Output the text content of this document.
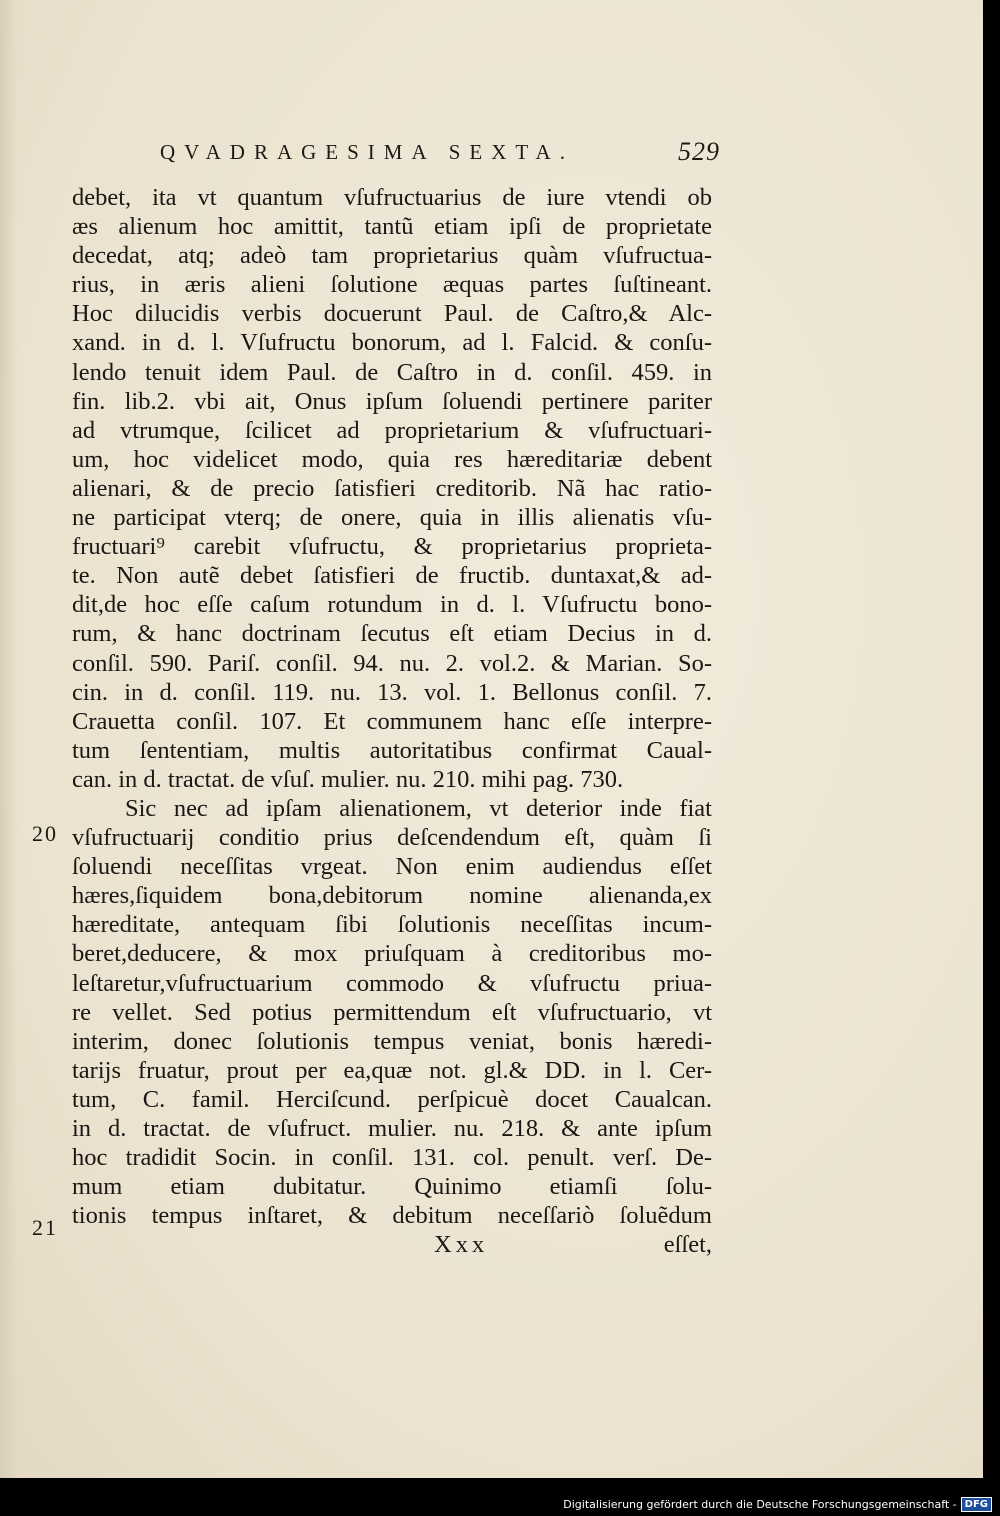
QVADRAGESIMA SEXTA.	529
20
21
debet, ita vt quantum vſufructuarius de iure vtendi ob
æs alienum hoc amittit, tantũ etiam ipſi de proprietate
decedat, atq; adeò tam proprietarius quàm vſufructua-
rius, in æris alieni ſolutione æquas partes ſuſtineant.
Hoc dilucidis verbis docuerunt Paul. de Caſtro,& Alc-
xand. in d. l. Vſufructu bonorum, ad l. Falcid. & conſu-
lendo tenuit idem Paul. de Caſtro in d. conſil. 459. in
fin. lib.2. vbi ait, Onus ipſum ſoluendi pertinere pariter
ad vtrumque, ſcilicet ad proprietarium & vſufructuari-
um, hoc videlicet modo, quia res hæreditariæ debent
alienari, & de precio ſatisfieri creditorib. Nã hac ratio-
ne participat vterq; de onere, quia in illis alienatis vſu-
fructuari⁹ carebit vſufructu, & proprietarius proprieta-
te. Non autẽ debet ſatisfieri de fructib. duntaxat,& ad-
dit,de hoc eſſe caſum rotundum in d. l. Vſufructu bono-
rum, & hanc doctrinam ſecutus eſt etiam Decius in d.
conſil. 590. Pariſ. conſil. 94. nu. 2. vol.2. & Marian. So-
cin. in d. conſil. 119. nu. 13. vol. 1. Bellonus conſil. 7.
Crauetta conſil. 107. Et communem hanc eſſe interpre-
tum ſententiam, multis autoritatibus confirmat Caual-
can. in d. tractat. de vſuſ. mulier. nu. 210. mihi pag. 730.
Sic nec ad ipſam alienationem, vt deterior inde fiat
vſufructuarij conditio prius deſcendendum eſt, quàm ſi
ſoluendi neceſſitas vrgeat. Non enim audiendus eſſet
hæres,ſiquidem bona,debitorum nomine alienanda,ex
hæreditate, antequam ſibi ſolutionis neceſſitas incum-
beret,deducere, & mox priuſquam à creditoribus mo-
leſtaretur,vſufructuarium commodo & vſufructu priua-
re vellet. Sed potius permittendum eſt vſufructuario, vt
interim, donec ſolutionis tempus veniat, bonis hæredi-
tarijs fruatur, prout per ea,quæ not. gl.& DD. in l. Cer-
tum, C. famil. Herciſcund. perſpicuè docet Caualcan.
in d. tractat. de vſufruct. mulier. nu. 218. & ante ipſum
hoc tradidit Socin. in conſil. 131. col. penult. verſ. De-
mum etiam dubitatur. Quinimo etiamſi ſolu-
tionis tempus inſtaret, & debitum neceſſariò ſoluẽdum
Xxx	eſſet,
Digitalisierung gefördert durch die Deutsche Forschungsgemeinschaft - DFG
